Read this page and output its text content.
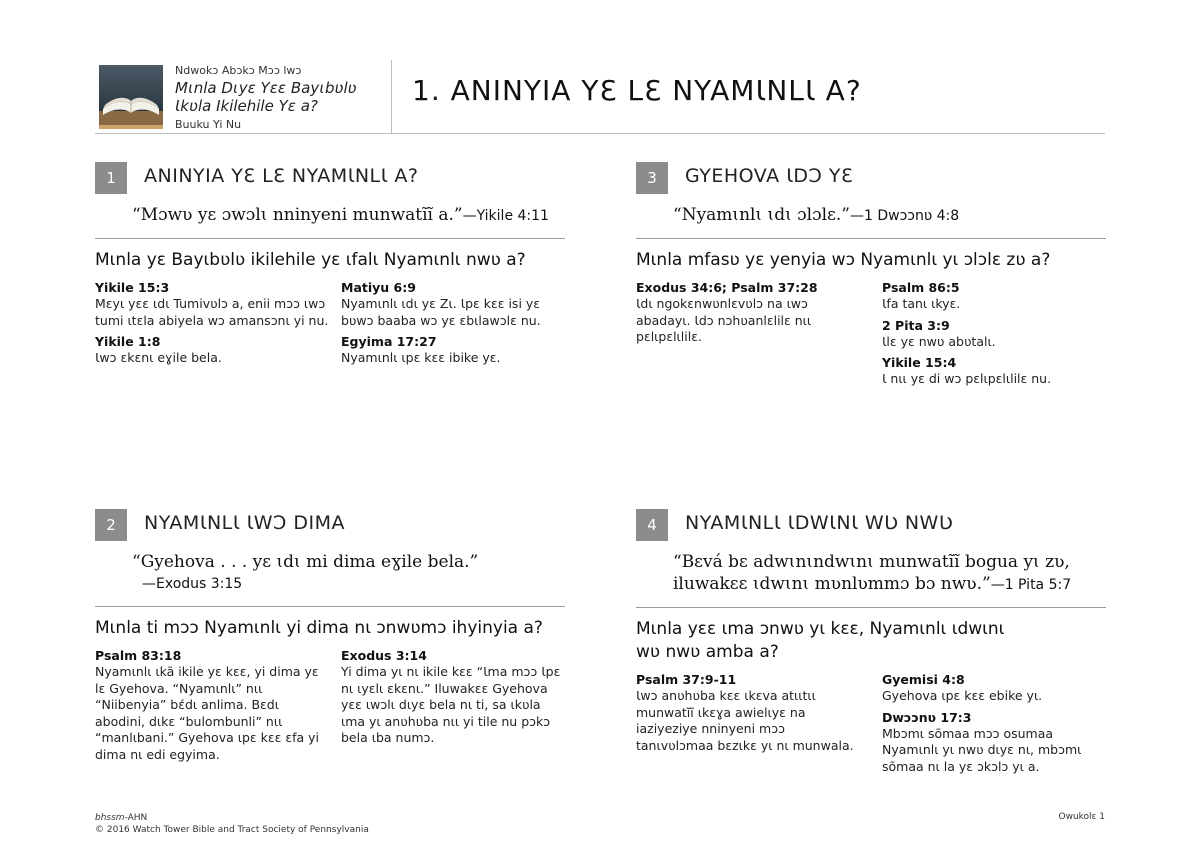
Ndwokɔ Abɔkɔ Mɔɔ lwɔ
Mɩnla Dɩyɛ Yɛɛ Bayɩbʋlʋ Ɩkʋla Ikilehile Yɛ a?
Buuku Yi Nu
1. ANINYIA YƐ LƐ NYAMƖNLƖ A?
1	ANINYIA YƐ LƐ NYAMƖNLƖ A?
“Mɔwʋ yɛ ɔwɔlɩ nninyeni munwatĩĩ a.”—Yikile 4:11
Mɩnla yɛ Bayɩbʋlʋ ikilehile yɛ ɩfalɩ Nyamɩnlɩ nwʋ a?
Yikile 15:3
Mɛyɩ yɛɛ ɩdɩ Tumivʋlɔ a, enii mɔɔ ɩwɔ tumi ɩtɛla abiyela wɔ amansɔnɩ yi nu.
Yikile 1:8
Ɩwɔ ɛkɛnɩ eɣile bela.
Matiyu 6:9
Nyamɩnlɩ ɩdɩ yɛ Zɩ. Ɩpɛ kɛɛ isi yɛ bʋwɔ baaba wɔ yɛ ɛbɩlawɔlɛ nu.
Egyima 17:27
Nyamɩnlɩ ɩpɛ kɛɛ ibike yɛ.
2	NYAMƖNLƖ ƖWƆ DIMA
“Gyehova . . . yɛ ɩdɩ mi dima eɣile bela.”
—Exodus 3:15
Mɩnla ti mɔɔ Nyamɩnlɩ yi dima nɩ ɔnwʋmɔ ihyinyia a?
Psalm 83:18
Nyamɩnlɩ ɩkã ikile yɛ kɛɛ, yi dima yɛ lɛ Gyehova. “Nyamɩnlɩ” nɩɩ “Niibenyia” bɛ́dɩ anlima. Bɛdɩ abodini, dɩkɛ “bulombunli” nɩɩ “manlɩbani.” Gyehova ɩpɛ kɛɛ ɛfa yi dima nɩ edi egyima.
Exodus 3:14
Yi dima yɩ nɩ ikile kɛɛ “Ɩma mɔɔ Ɩpɛ nɩ ɩyɛlɩ ɛkɛnɩ.” Iluwakɛɛ Gyehova yɛɛ ɩwɔlɩ dɩyɛ bela nɩ ti, sa ɩkʋla ɩma yɩ anʋhʋba nɩɩ yi tile nu pɔkɔ bela ɩba numɔ.
3	GYEHOVA ƖDƆ YƐ
“Nyamɩnlɩ ɩdɩ ɔlɔlɛ.”—1 Dwɔɔnʋ 4:8
Mɩnla mfasʋ yɛ yenyia wɔ Nyamɩnlɩ yɩ ɔlɔlɛ zʋ a?
Exodus 34:6; Psalm 37:28
Ɩdɩ ngokɛnwʋnlɛvʋlɔ na ɩwɔ abadayɩ. Ɩdɔ nɔhʋanlɛlilɛ nɩɩ pɛlɩpɛlɩlilɛ.
Psalm 86:5
Ɩfa tanɩ ɩkyɛ.
2 Pita 3:9
Ɩlɛ yɛ nwʋ abʋtalɩ.
Yikile 15:4
Ɩ nɩɩ yɛ di wɔ pɛlɩpɛlɩlilɛ nu.
4	NYAMƖNLƖ ƖDWƖNƖ WƲ NWƲ
“Bɛvá bɛ adwɩnɩndwɩnɩ munwatĩĩ bogua yɩ zʋ, iluwakɛɛ ɩdwɩnɩ mʋnlʋmmɔ bɔ nwʋ.”—1 Pita 5:7
Mɩnla yɛɛ ɩma ɔnwʋ yɩ kɛɛ, Nyamɩnlɩ ɩdwɩnɩ wʋ nwʋ amba a?
Psalm 37:9-11
Ɩwɔ anʋhʋba kɛɛ ɩkɛva atɩɩtɩɩ munwatĩĩ ɩkɛɣa awielɩyɛ na iaziyeziye nninyeni mɔɔ tanɩvʋlɔmaa bɛzɩkɛ yɩ nɩ munwala.
Gyemisi 4:8
Gyehova ɩpɛ kɛɛ ebike yɩ.
Dwɔɔnʋ 17:3
Mbɔmɩ sõmaa mɔɔ osumaa Nyamɩnlɩ yɩ nwʋ dɩyɛ nɩ, mbɔmɩ sõmaa nɩ la yɛ ɔkɔlɔ yɩ a.
bhssm-AHN
© 2016 Watch Tower Bible and Tract Society of Pennsylvania
Owukolɛ 1
